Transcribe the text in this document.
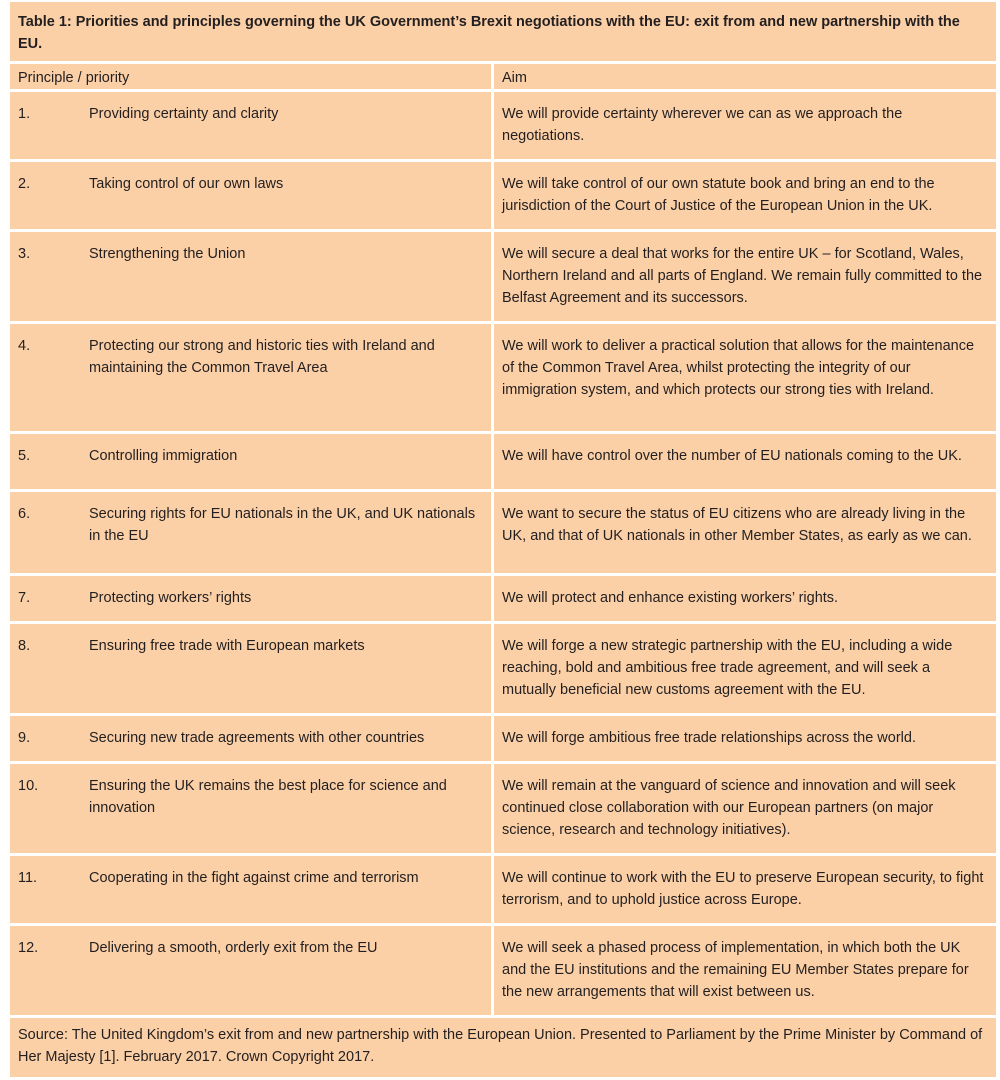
Table 1: Priorities and principles governing the UK Government’s Brexit negotiations with the EU: exit from and new partnership with the EU.	
Principle / priority	Aim
1. Providing certainty and clarity	We will provide certainty wherever we can as we approach the negotiations.
2. Taking control of our own laws	We will take control of our own statute book and bring an end to the jurisdiction of the Court of Justice of the European Union in the UK.
3. Strengthening the Union	We will secure a deal that works for the entire UK – for Scotland, Wales, Northern Ireland and all parts of England. We remain fully committed to the Belfast Agreement and its successors.
4. Protecting our strong and historic ties with Ireland and maintaining the Common Travel Area	We will work to deliver a practical solution that allows for the maintenance of the Common Travel Area, whilst protecting the integrity of our immigration system, and which protects our strong ties with Ireland.
5. Controlling immigration	We will have control over the number of EU nationals coming to the UK.
6. Securing rights for EU nationals in the UK, and UK nationals in the EU	We want to secure the status of EU citizens who are already living in the UK, and that of UK nationals in other Member States, as early as we can.
7. Protecting workers’ rights	We will protect and enhance existing workers’ rights.
8. Ensuring free trade with European markets	We will forge a new strategic partnership with the EU, including a wide reaching, bold and ambitious free trade agreement, and will seek a mutually beneficial new customs agreement with the EU.
9. Securing new trade agreements with other countries	We will forge ambitious free trade relationships across the world.
10. Ensuring the UK remains the best place for science and innovation	We will remain at the vanguard of science and innovation and will seek continued close collaboration with our European partners (on major science, research and technology initiatives).
11. Cooperating in the fight against crime and terrorism	We will continue to work with the EU to preserve European security, to fight terrorism, and to uphold justice across Europe.
12. Delivering a smooth, orderly exit from the EU	We will seek a phased process of implementation, in which both the UK and the EU institutions and the remaining EU Member States prepare for the new arrangements that will exist between us.
Source: The United Kingdom’s exit from and new partnership with the European Union. Presented to Parliament by the Prime Minister by Command of Her Majesty [1]. February 2017. Crown Copyright 2017.	
